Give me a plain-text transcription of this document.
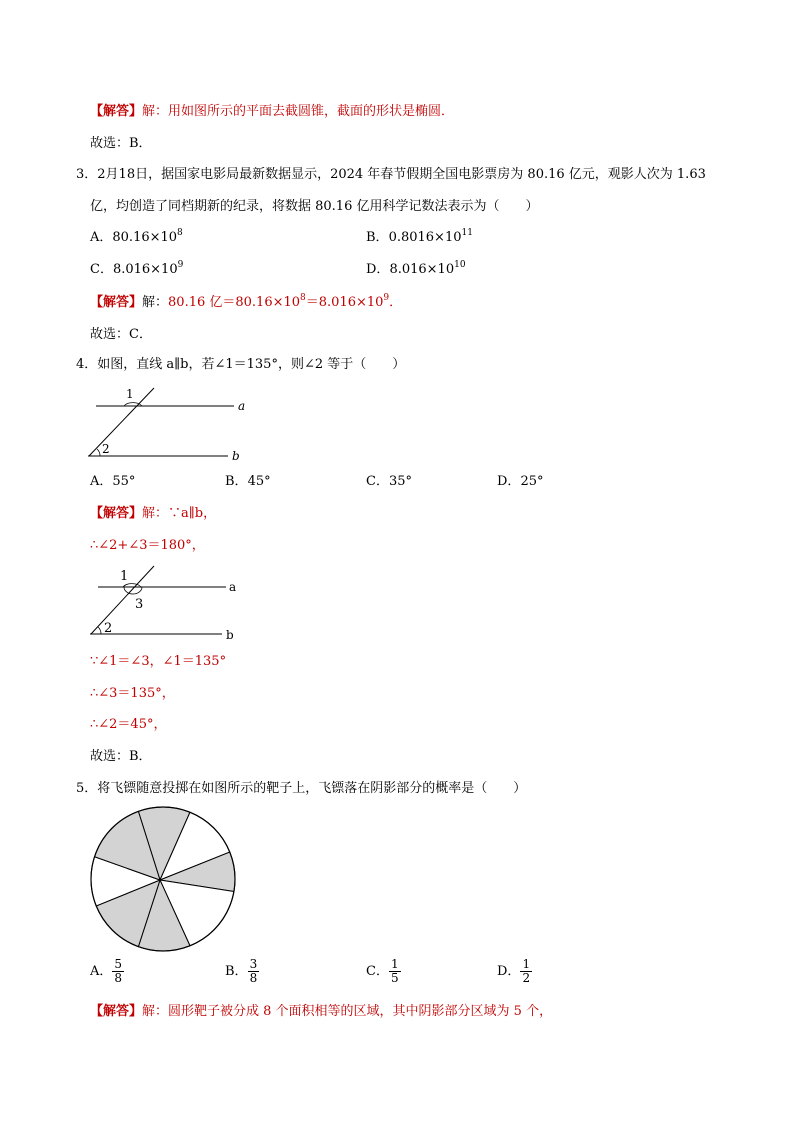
【解答】解：用如图所示的平面去截圆锥，截面的形状是椭圆．
故选：B．
3．2月18日，据国家电影局最新数据显示，2024 年春节假期全国电影票房为 80.16 亿元，观影人次为 1.63
亿，均创造了同档期新的纪录，将数据 80.16 亿用科学记数法表示为（　　）
A．$80.16\times 10^8$	B．$0.8016\times 10^{11}$
C．$8.016\times 10^9$	D．$8.016\times 10^{10}$
【解答】解：80.16 亿$=80.16\times 10^8=8.016\times 10^9$．
故选：C．
4．如图，直线 a∥b，若∠1＝135°，则∠2 等于（　　）
1
2
a
b
A．55°	B．45°	C．35°	D．25°
【解答】解：∵a∥b，
∴∠2+∠3＝180°，
1
3
2
a
b
∵∠1＝∠3，∠1＝135°
∴∠3＝135°，
∴∠2＝45°，
故选：B．
5．将飞镖随意投掷在如图所示的靶子上，飞镖落在阴影部分的概率是（　　）
A． $\frac{5}{8}$	B． $\frac{3}{8}$	C． $\frac{1}{5}$	D． $\frac{1}{2}$
【解答】解：圆形靶子被分成 8 个面积相等的区域，其中阴影部分区域为 5 个，
